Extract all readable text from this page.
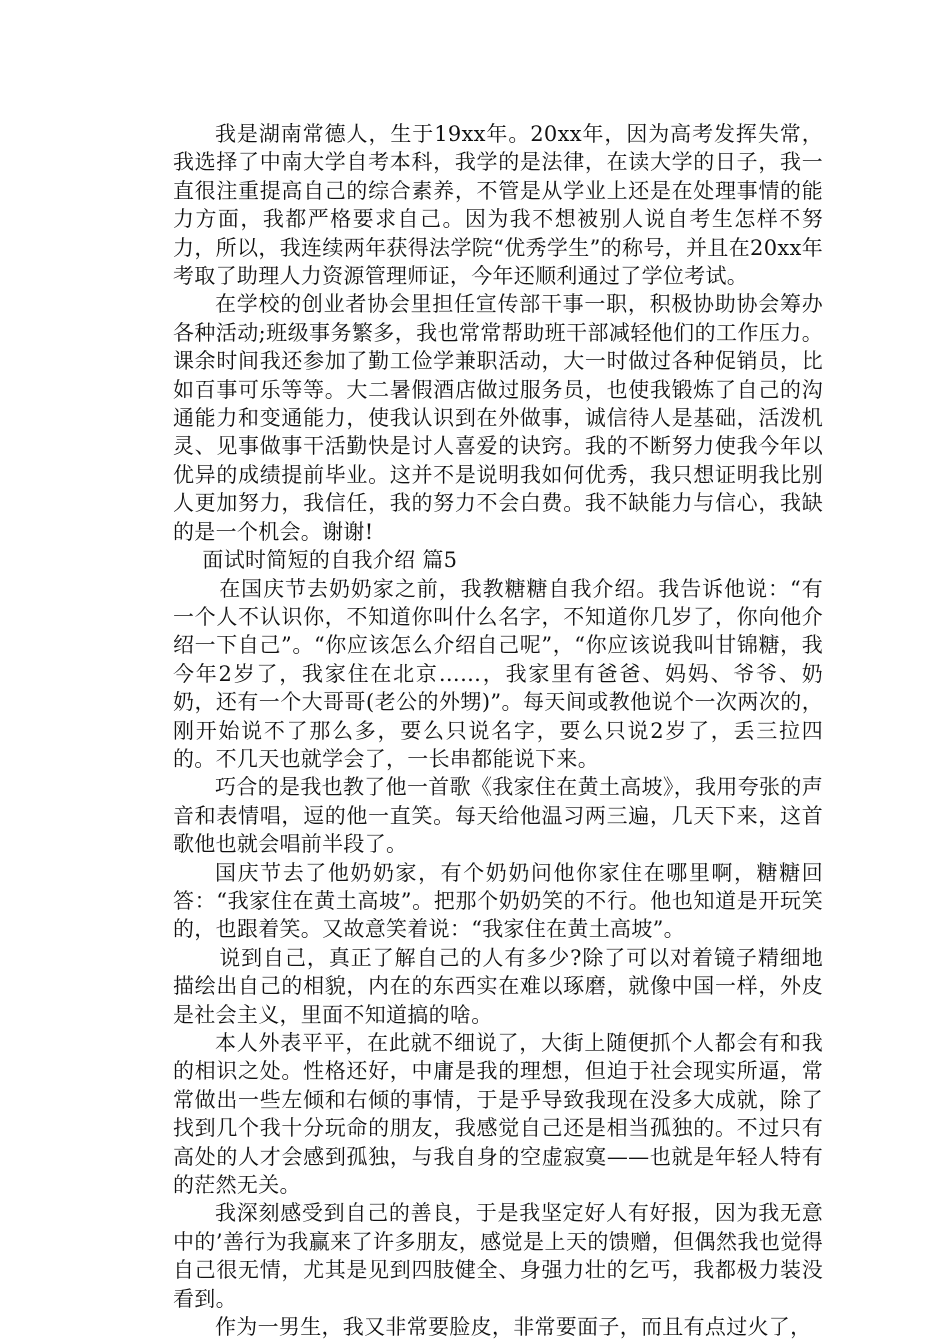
我是湖南常德人，生于19xx年。20xx年，因为高考发挥失常，我选择了中南大学自考本科，我学的是法律，在读大学的日子，我一直很注重提高自己的综合素养，不管是从学业上还是在处理事情的能力方面，我都严格要求自己。因为我不想被别人说自考生怎样不努力，所以，我连续两年获得法学院“优秀学生”的称号，并且在20xx年考取了助理人力资源管理师证，今年还顺利通过了学位考试。

在学校的创业者协会里担任宣传部干事一职，积极协助协会筹办各种活动;班级事务繁多，我也常常帮助班干部减轻他们的工作压力。课余时间我还参加了勤工俭学兼职活动，大一时做过各种促销员，比如百事可乐等等。大二暑假酒店做过服务员，也使我锻炼了自己的沟通能力和变通能力，使我认识到在外做事，诚信待人是基础，活泼机灵、见事做事干活勤快是讨人喜爱的诀窍。我的不断努力使我今年以优异的成绩提前毕业。这并不是说明我如何优秀，我只想证明我比别人更加努力，我信任，我的努力不会白费。我不缺能力与信心，我缺的是一个机会。谢谢!

面试时简短的自我介绍 篇5

在国庆节去奶奶家之前，我教糖糖自我介绍。我告诉他说：“有一个人不认识你，不知道你叫什么名字，不知道你几岁了，你向他介绍一下自己”。“你应该怎么介绍自己呢”，“你应该说我叫甘锦糖，我今年2岁了，我家住在北京……，我家里有爸爸、妈妈、爷爷、奶奶，还有一个大哥哥(老公的外甥)”。每天间或教他说个一次两次的，刚开始说不了那么多，要么只说名字，要么只说2岁了，丢三拉四的。不几天也就学会了，一长串都能说下来。

巧合的是我也教了他一首歌《我家住在黄土高坡》，我用夸张的声音和表情唱，逗的他一直笑。每天给他温习两三遍，几天下来，这首歌他也就会唱前半段了。

国庆节去了他奶奶家，有个奶奶问他你家住在哪里啊，糖糖回答：“我家住在黄土高坡”。把那个奶奶笑的不行。他也知道是开玩笑的，也跟着笑。又故意笑着说：“我家住在黄土高坡”。

说到自己，真正了解自己的人有多少?除了可以对着镜子精细地描绘出自己的相貌，内在的东西实在难以琢磨，就像中国一样，外皮是社会主义，里面不知道搞的啥。

本人外表平平，在此就不细说了，大街上随便抓个人都会有和我的相识之处。性格还好，中庸是我的理想，但迫于社会现实所逼，常常做出一些左倾和右倾的事情，于是乎导致我现在没多大成就，除了找到几个我十分玩命的朋友，我感觉自己还是相当孤独的。不过只有高处的人才会感到孤独，与我自身的空虚寂寞——也就是年轻人特有的茫然无关。

我深刻感受到自己的善良，于是我坚定好人有好报，因为我无意中的’善行为我赢来了许多朋友，感觉是上天的馈赠，但偶然我也觉得自己很无情，尤其是见到四肢健全、身强力壮的乞丐，我都极力装没看到。

作为一男生，我又非常要脸皮，非常要面子，而且有点过火了，
